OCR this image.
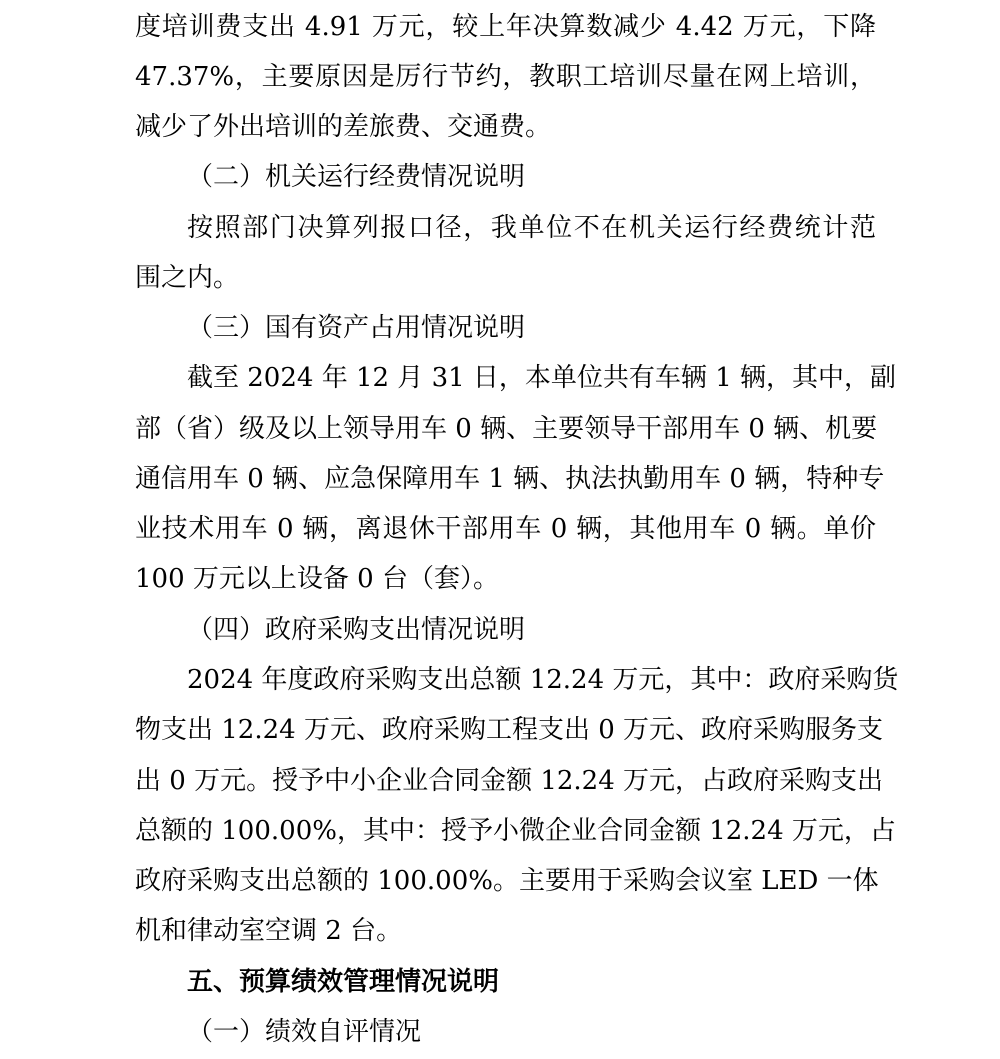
度培训费支出 4.91 万元，较上年决算数减少 4.42 万元，下降
47.37%，主要原因是厉行节约，教职工培训尽量在网上培训，
减少了外出培训的差旅费、交通费。
（二）机关运行经费情况说明
按照部门决算列报口径，我单位不在机关运行经费统计范
围之内。
（三）国有资产占用情况说明
截至 2024 年 12 月 31 日，本单位共有车辆 1 辆，其中，副
部（省）级及以上领导用车 0 辆、主要领导干部用车 0 辆、机要
通信用车 0 辆、应急保障用车 1 辆、执法执勤用车 0 辆，特种专
业技术用车 0 辆，离退休干部用车 0 辆，其他用车 0 辆。单价
100 万元以上设备 0 台（套）。
（四）政府采购支出情况说明
2024 年度政府采购支出总额 12.24 万元，其中：政府采购货
物支出 12.24 万元、政府采购工程支出 0 万元、政府采购服务支
出 0 万元。授予中小企业合同金额 12.24 万元，占政府采购支出
总额的 100.00%，其中：授予小微企业合同金额 12.24 万元，占
政府采购支出总额的 100.00%。主要用于采购会议室 LED 一体
机和律动室空调 2 台。
五、预算绩效管理情况说明
（一）绩效自评情况
